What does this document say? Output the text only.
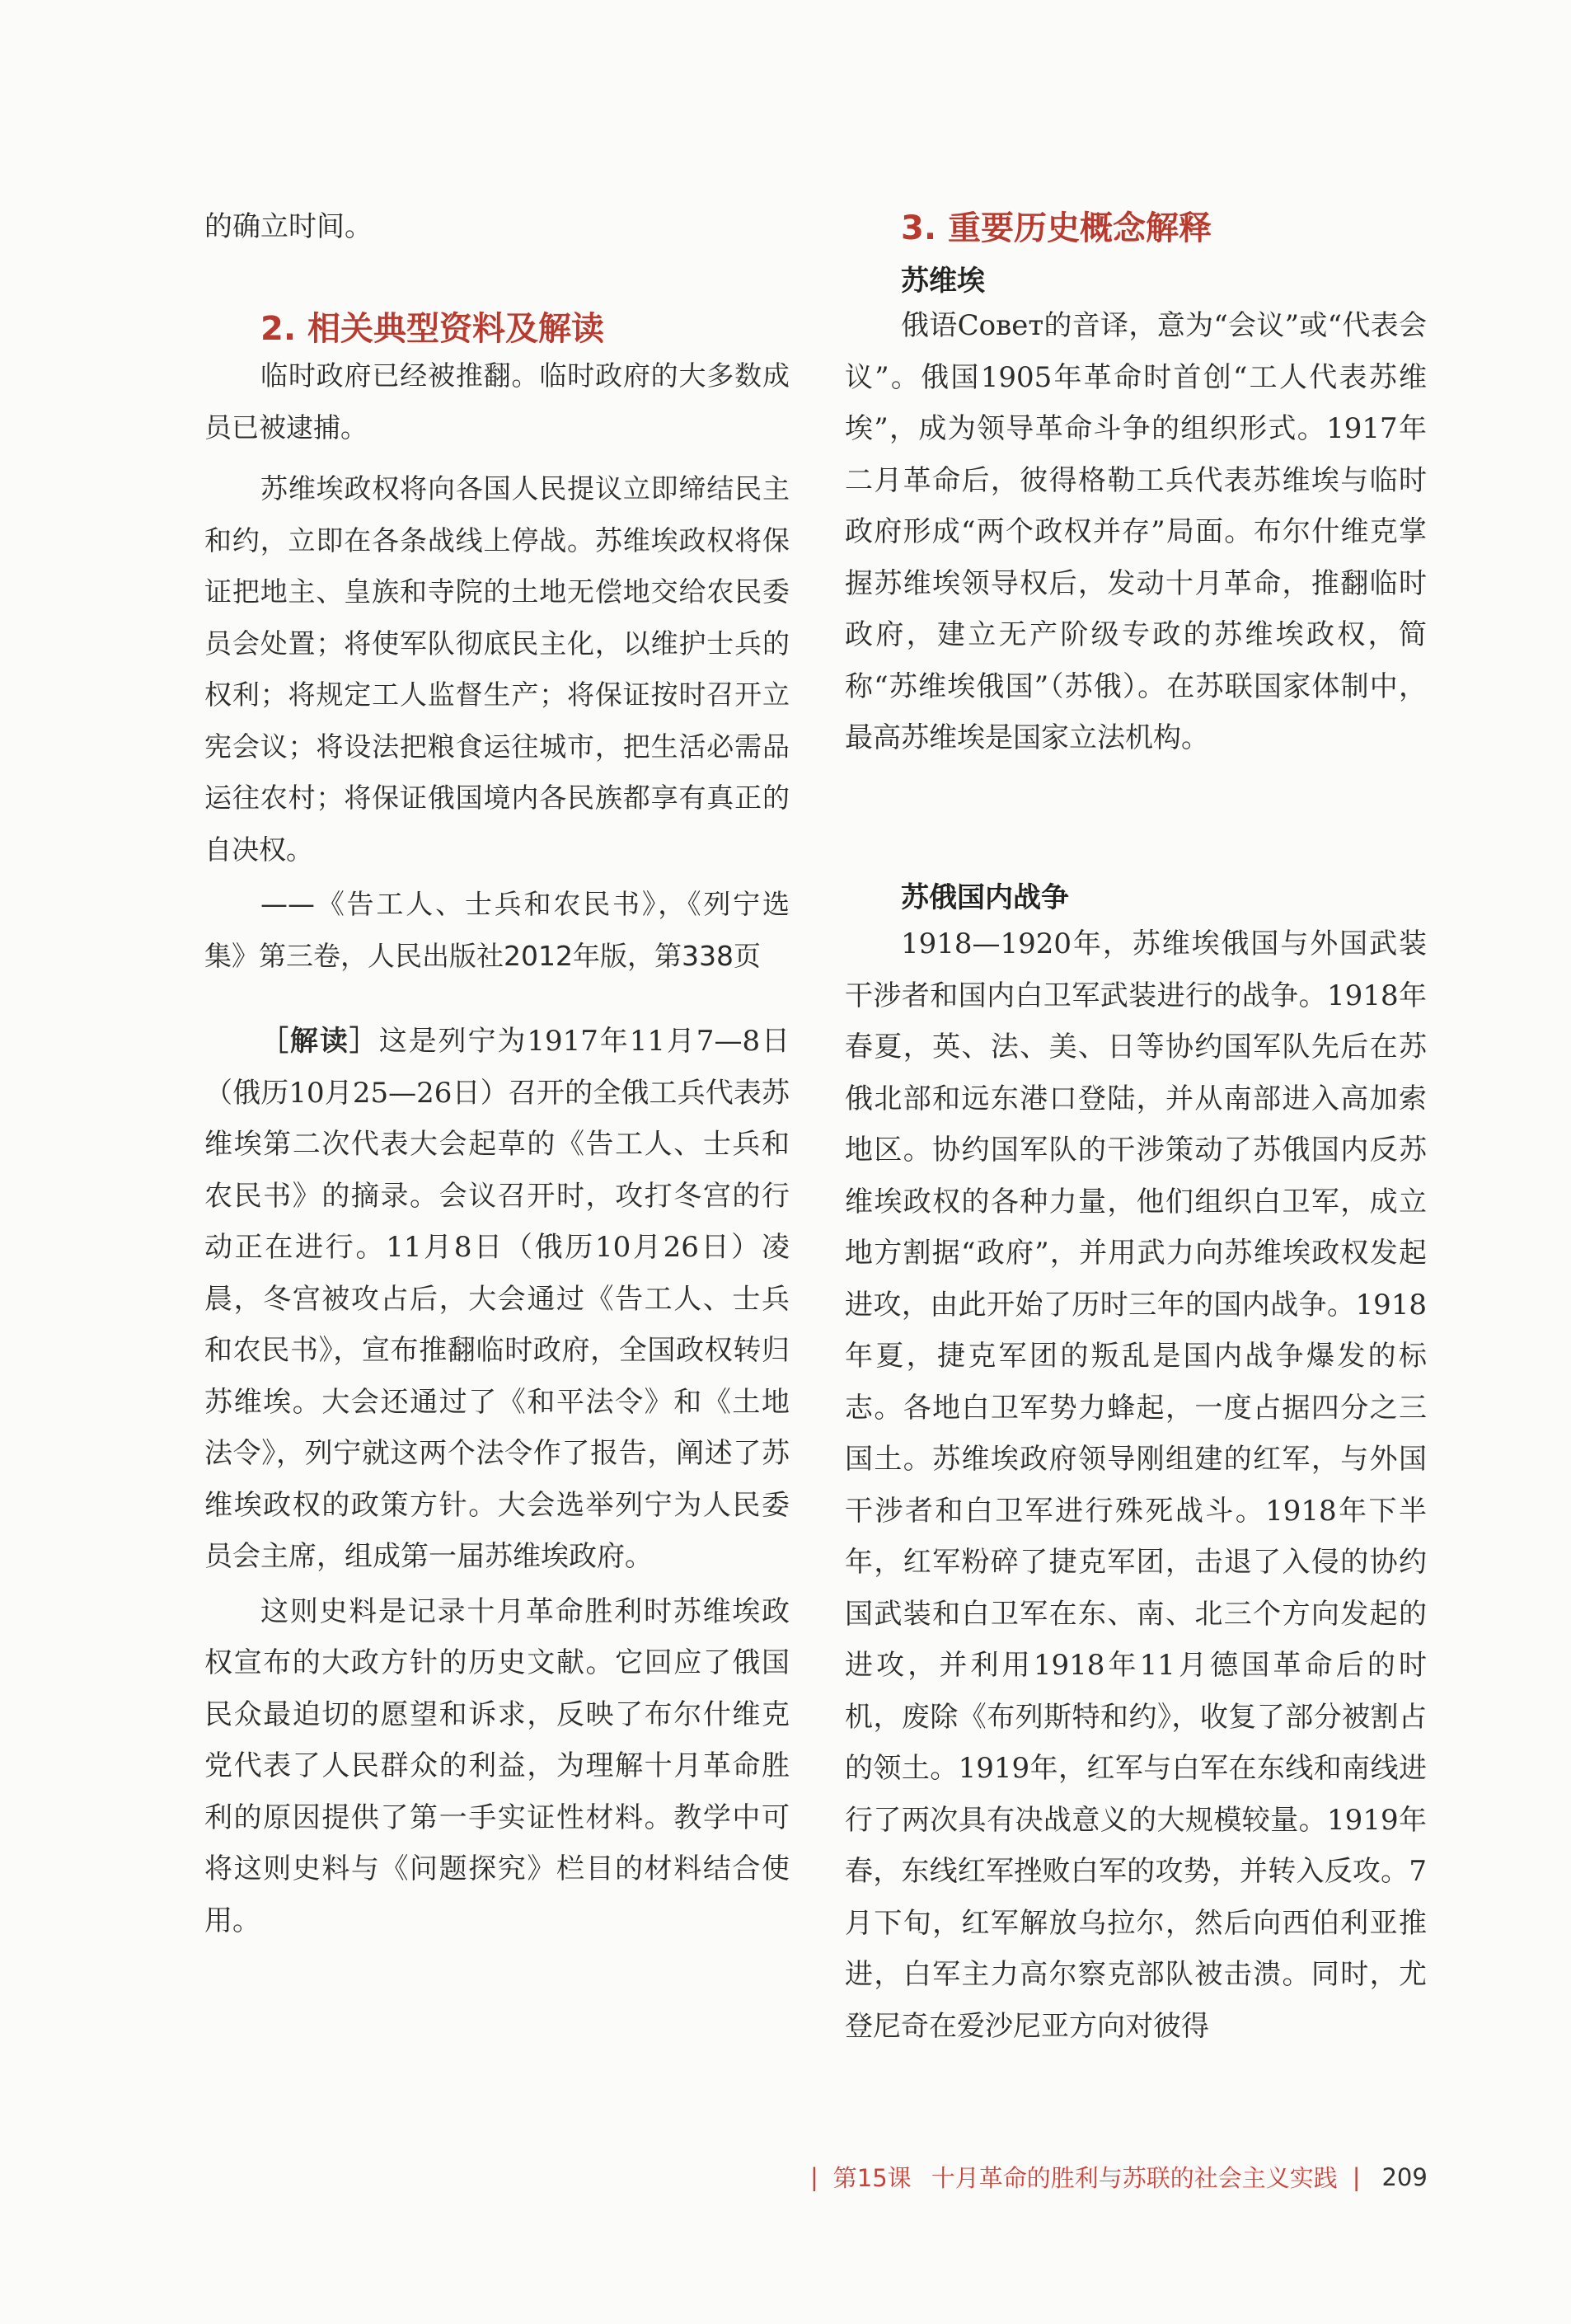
的确立时间。

2. 相关典型资料及解读

临时政府已经被推翻。临时政府的大多数成员已被逮捕。

苏维埃政权将向各国人民提议立即缔结民主和约，立即在各条战线上停战。苏维埃政权将保证把地主、皇族和寺院的土地无偿地交给农民委员会处置；将使军队彻底民主化，以维护士兵的权利；将规定工人监督生产；将保证按时召开立宪会议；将设法把粮食运往城市，把生活必需品运往农村；将保证俄国境内各民族都享有真正的自决权。

——《告工人、士兵和农民书》，《列宁选集》第三卷，人民出版社2012年版，第338页

［解读］这是列宁为1917年11月7—8日（俄历10月25—26日）召开的全俄工兵代表苏维埃第二次代表大会起草的《告工人、士兵和农民书》的摘录。会议召开时，攻打冬宫的行动正在进行。11月8日（俄历10月26日）凌晨，冬宫被攻占后，大会通过《告工人、士兵和农民书》，宣布推翻临时政府，全国政权转归苏维埃。大会还通过了《和平法令》和《土地法令》，列宁就这两个法令作了报告，阐述了苏维埃政权的政策方针。大会选举列宁为人民委员会主席，组成第一届苏维埃政府。

这则史料是记录十月革命胜利时苏维埃政权宣布的大政方针的历史文献。它回应了俄国民众最迫切的愿望和诉求，反映了布尔什维克党代表了人民群众的利益，为理解十月革命胜利的原因提供了第一手实证性材料。教学中可将这则史料与《问题探究》栏目的材料结合使用。

3. 重要历史概念解释
苏维埃

俄语Совет的音译，意为“会议”或“代表会议”。俄国1905年革命时首创“工人代表苏维埃”，成为领导革命斗争的组织形式。1917年二月革命后，彼得格勒工兵代表苏维埃与临时政府形成“两个政权并存”局面。布尔什维克掌握苏维埃领导权后，发动十月革命，推翻临时政府，建立无产阶级专政的苏维埃政权，简称“苏维埃俄国”（苏俄）。在苏联国家体制中，最高苏维埃是国家立法机构。

苏俄国内战争

1918—1920年，苏维埃俄国与外国武装干涉者和国内白卫军武装进行的战争。1918年春夏，英、法、美、日等协约国军队先后在苏俄北部和远东港口登陆，并从南部进入高加索地区。协约国军队的干涉策动了苏俄国内反苏维埃政权的各种力量，他们组织白卫军，成立地方割据“政府”，并用武力向苏维埃政权发起进攻，由此开始了历时三年的国内战争。1918年夏，捷克军团的叛乱是国内战争爆发的标志。各地白卫军势力蜂起，一度占据四分之三国土。苏维埃政府领导刚组建的红军，与外国干涉者和白卫军进行殊死战斗。1918年下半年，红军粉碎了捷克军团，击退了入侵的协约国武装和白卫军在东、南、北三个方向发起的进攻，并利用1918年11月德国革命后的时机，废除《布列斯特和约》，收复了部分被割占的领土。1919年，红军与白军在东线和南线进行了两次具有决战意义的大规模较量。1919年春，东线红军挫败白军的攻势，并转入反攻。7月下旬，红军解放乌拉尔，然后向西伯利亚推进，白军主力高尔察克部队被击溃。同时，尤登尼奇在爱沙尼亚方向对彼得

| 第15课 十月革命的胜利与苏联的社会主义实践 | 209
